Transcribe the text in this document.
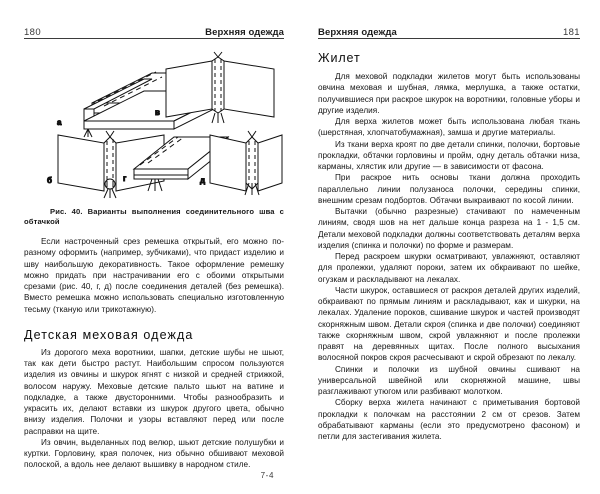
180	Верхняя одежда
а
в
б	г	д
Рис. 40. Варианты выполнения соединительного шва с обтачкой

Если настроченный срез ремешка открытый, его можно по-разному оформить (например, зубчиками), что придаст изделию и шву наибольшую декоративность. Такое оформление ремешку можно придать при настрачивании его с обоими открытыми срезами (рис. 40, г, д) после соединения деталей (без ремешка). Вместо ремешка можно использовать специально изготовленную тесьму (тканую или трикотажную).

Детская меховая одежда

Из дорогого меха воротники, шапки, детские шубы не шьют, так как дети быстро растут. Наибольшим спросом пользуются изделия из овчины и шкурок ягнят с низкой и средней стрижкой, волосом наружу. Меховые детские пальто шьют на ватине и подкладке, а также двусторонними. Чтобы разнообразить и украсить их, делают вставки из шкурок другого цвета, обычно внизу изделия. Полочки и узоры вставляют перед или после расправки на щите.

Из овчин, выделанных под велюр, шьют детские полушубки и куртки. Горловину, края полочек, низ обычно обшивают меховой полоской, а вдоль нее делают вышивку в народном стиле.

7-4
Верхняя одежда	181
Жилет

Для меховой подкладки жилетов могут быть использованы овчина меховая и шубная, лямка, мерлушка, а также остатки, получившиеся при раскрое шкурок на воротники, головные уборы и другие изделия.

Для верха жилетов может быть использована любая ткань (шерстяная, хлопчатобумажная), замша и другие материалы.

Из ткани верха кроят по две детали спинки, полочки, бортовые прокладки, обтачки горловины и пройм, одну деталь обтачки низа, карманы, хлястик или другие — в зависимости от фасона.

При раскрое нить основы ткани должна проходить параллельно линии полузаноса полочки, середины спинки, внешним срезам подбортов. Обтачки выкраивают по косой линии.

Вытачки (обычно разрезные) стачивают по намеченным линиям, сводя шов на нет дальше конца разреза на 1 - 1,5 см. Детали меховой подкладки должны соответствовать деталям верха изделия (спинка и полочки) по форме и размерам.

Перед раскроем шкурки осматривают, увлажняют, оставляют для пролежки, удаляют пороки, затем их обкраивают по шейке, огузкам и раскладывают на лекалах.

Части шкурок, оставшиеся от раскроя деталей других изделий, обкраивают по прямым линиям и раскладывают, как и шкурки, на лекалах. Удаление пороков, сшивание шкурок и частей производят скорняжным швом. Детали скроя (спинка и две полочки) соединяют также скорняжным швом, скрой увлажняют и после пролежки правят на деревянных щитах. После полного высыхания волосяной покров скроя расчесывают и скрой обрезают по лекалу.

Спинки и полочки из шубной овчины сшивают на универсальной швейной или скорняжной машине, швы разглаживают утюгом или разбивают молотком.

Сборку верха жилета начинают с приметывания бортовой прокладки к полочкам на расстоянии 2 см от срезов. Затем обрабатывают карманы (если это предусмотрено фасоном) и петли для застегивания жилета.
